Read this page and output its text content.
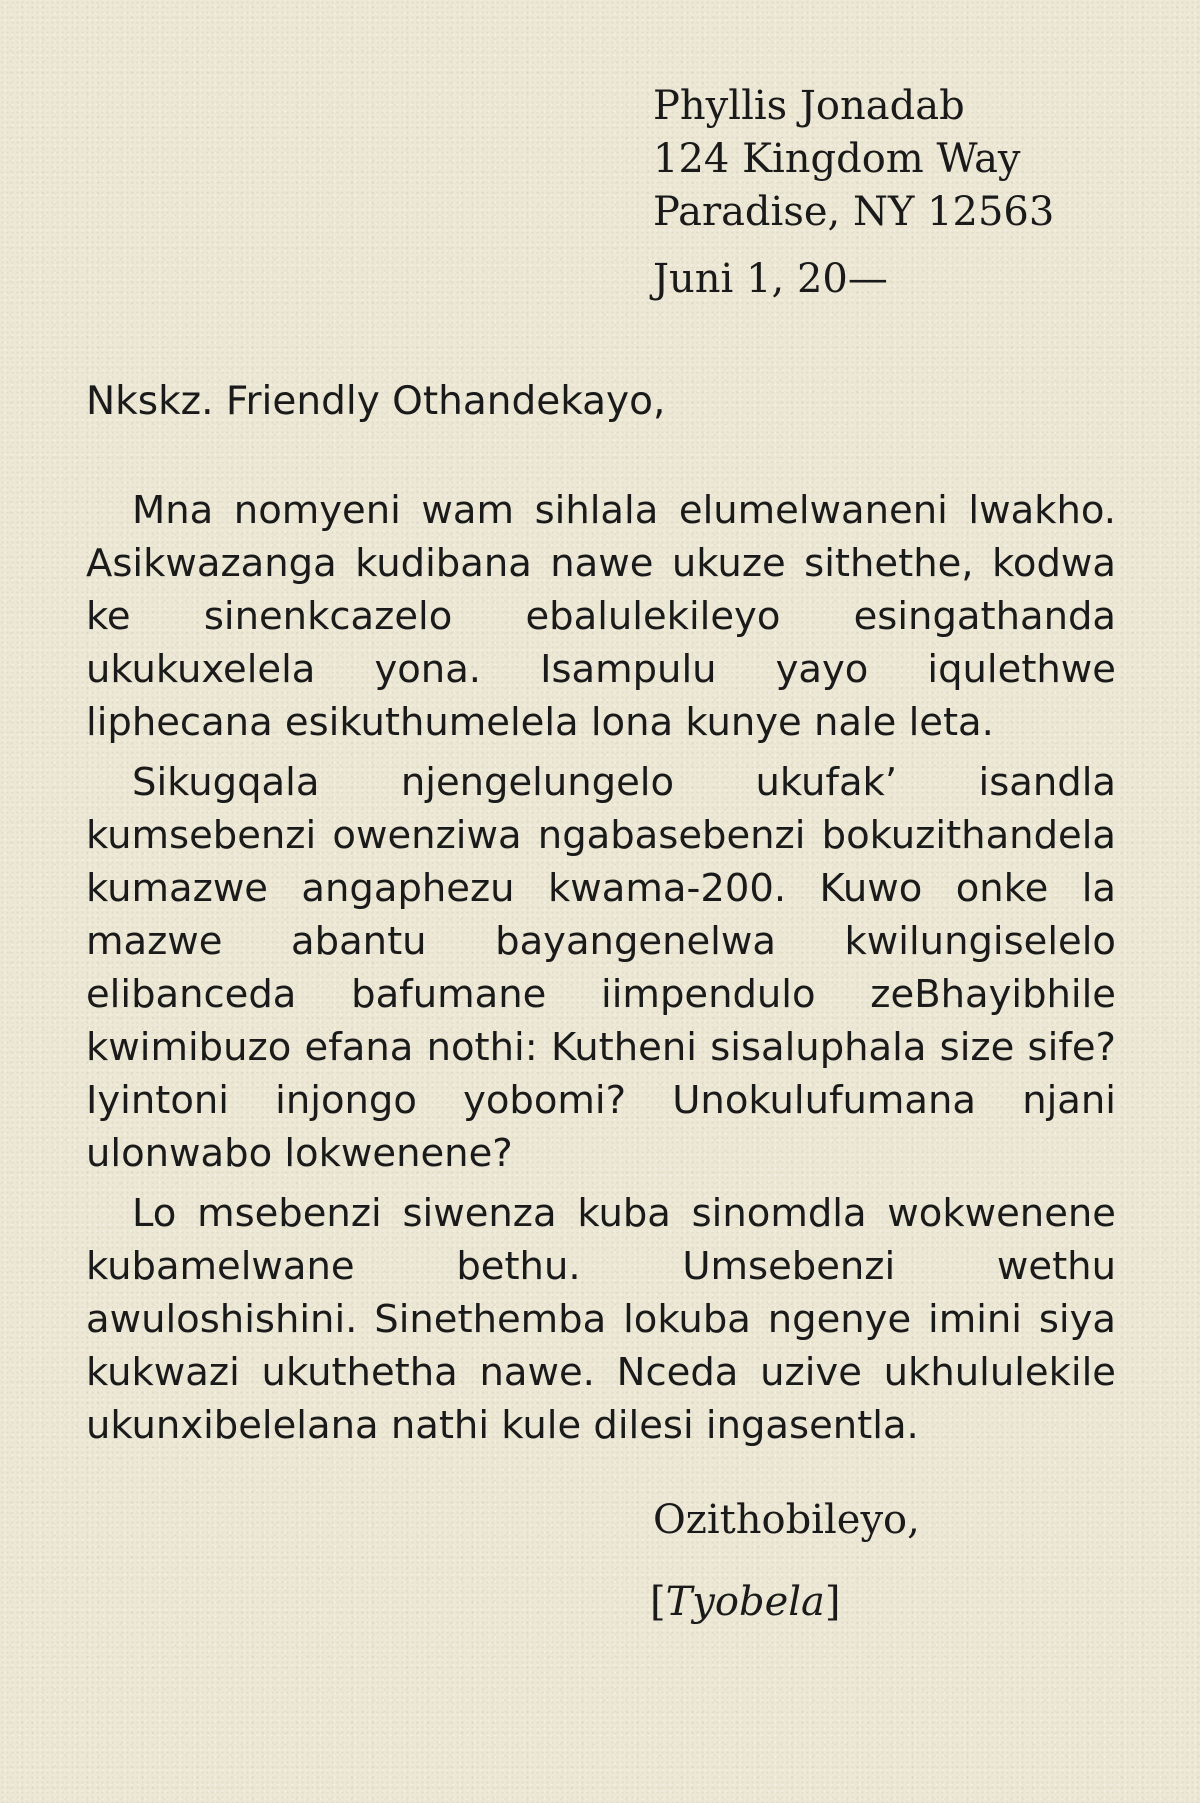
Phyllis Jonadab
124 Kingdom Way
Paradise, NY 12563
Juni 1, 20—
Nkskz. Friendly Othandekayo,

Mna nomyeni wam sihlala elumelwaneni lwakho. Asikwazanga kudibana nawe ukuze sithethe, kodwa ke sinenkcazelo ebalulekileyo esingathanda ukukuxelela yona. Isampulu yayo iqulethwe liphecana esikuthumelela lona kunye nale leta.

Sikugqala njengelungelo ukufak’ isandla kumsebenzi owenziwa ngabasebenzi bokuzithandela kumazwe angaphezu kwama-200. Kuwo onke la mazwe abantu bayangenelwa kwilungiselelo elibanceda bafumane iimpendulo zeBhayibhile kwimibuzo efana nothi: Kutheni sisaluphala size sife? Iyintoni injongo yobomi? Unokulufumana njani ulonwabo lokwenene?

Lo msebenzi siwenza kuba sinomdla wokwenene kubamelwane bethu. Umsebenzi wethu awuloshishini. Sinethemba lokuba ngenye imini siya kukwazi ukuthetha nawe. Nceda uzive ukhululekile ukunxibelelana nathi kule dilesi ingasentla.

Ozithobileyo,
[Tyobela]
